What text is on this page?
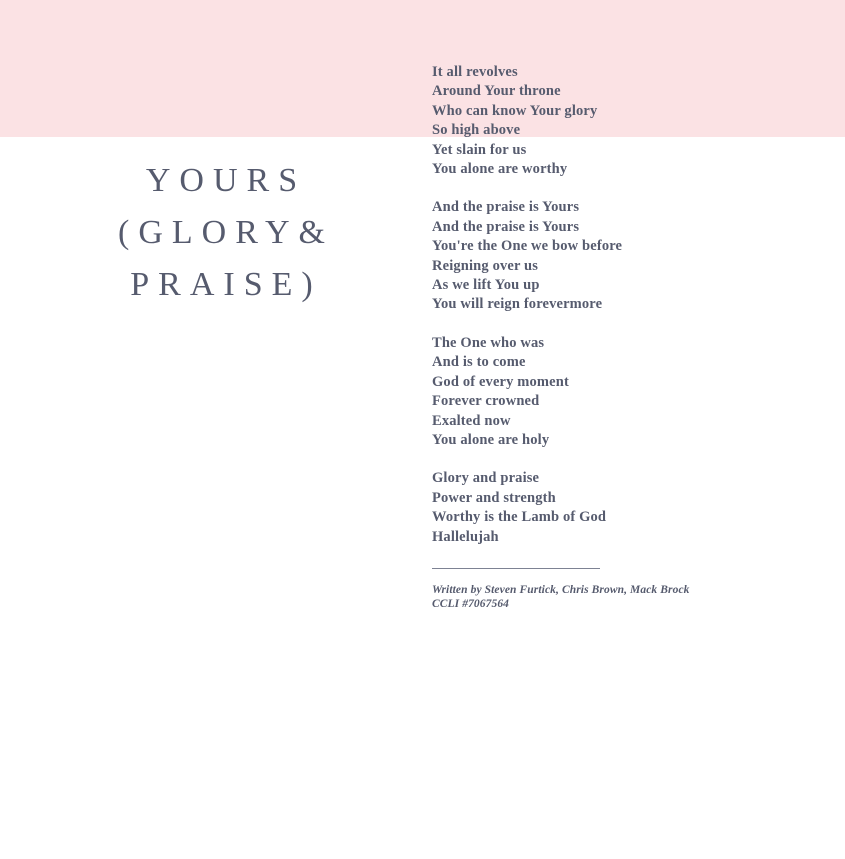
YOURS
(GLORY&
PRAISE)
It all revolves
Around Your throne
Who can know Your glory
So high above
Yet slain for us
You alone are worthy
And the praise is Yours
And the praise is Yours
You're the One we bow before
Reigning over us
As we lift You up
You will reign forevermore
The One who was
And is to come
God of every moment
Forever crowned
Exalted now
You alone are holy
Glory and praise
Power and strength
Worthy is the Lamb of God
Hallelujah
Written by Steven Furtick, Chris Brown, Mack Brock
CCLI #7067564
